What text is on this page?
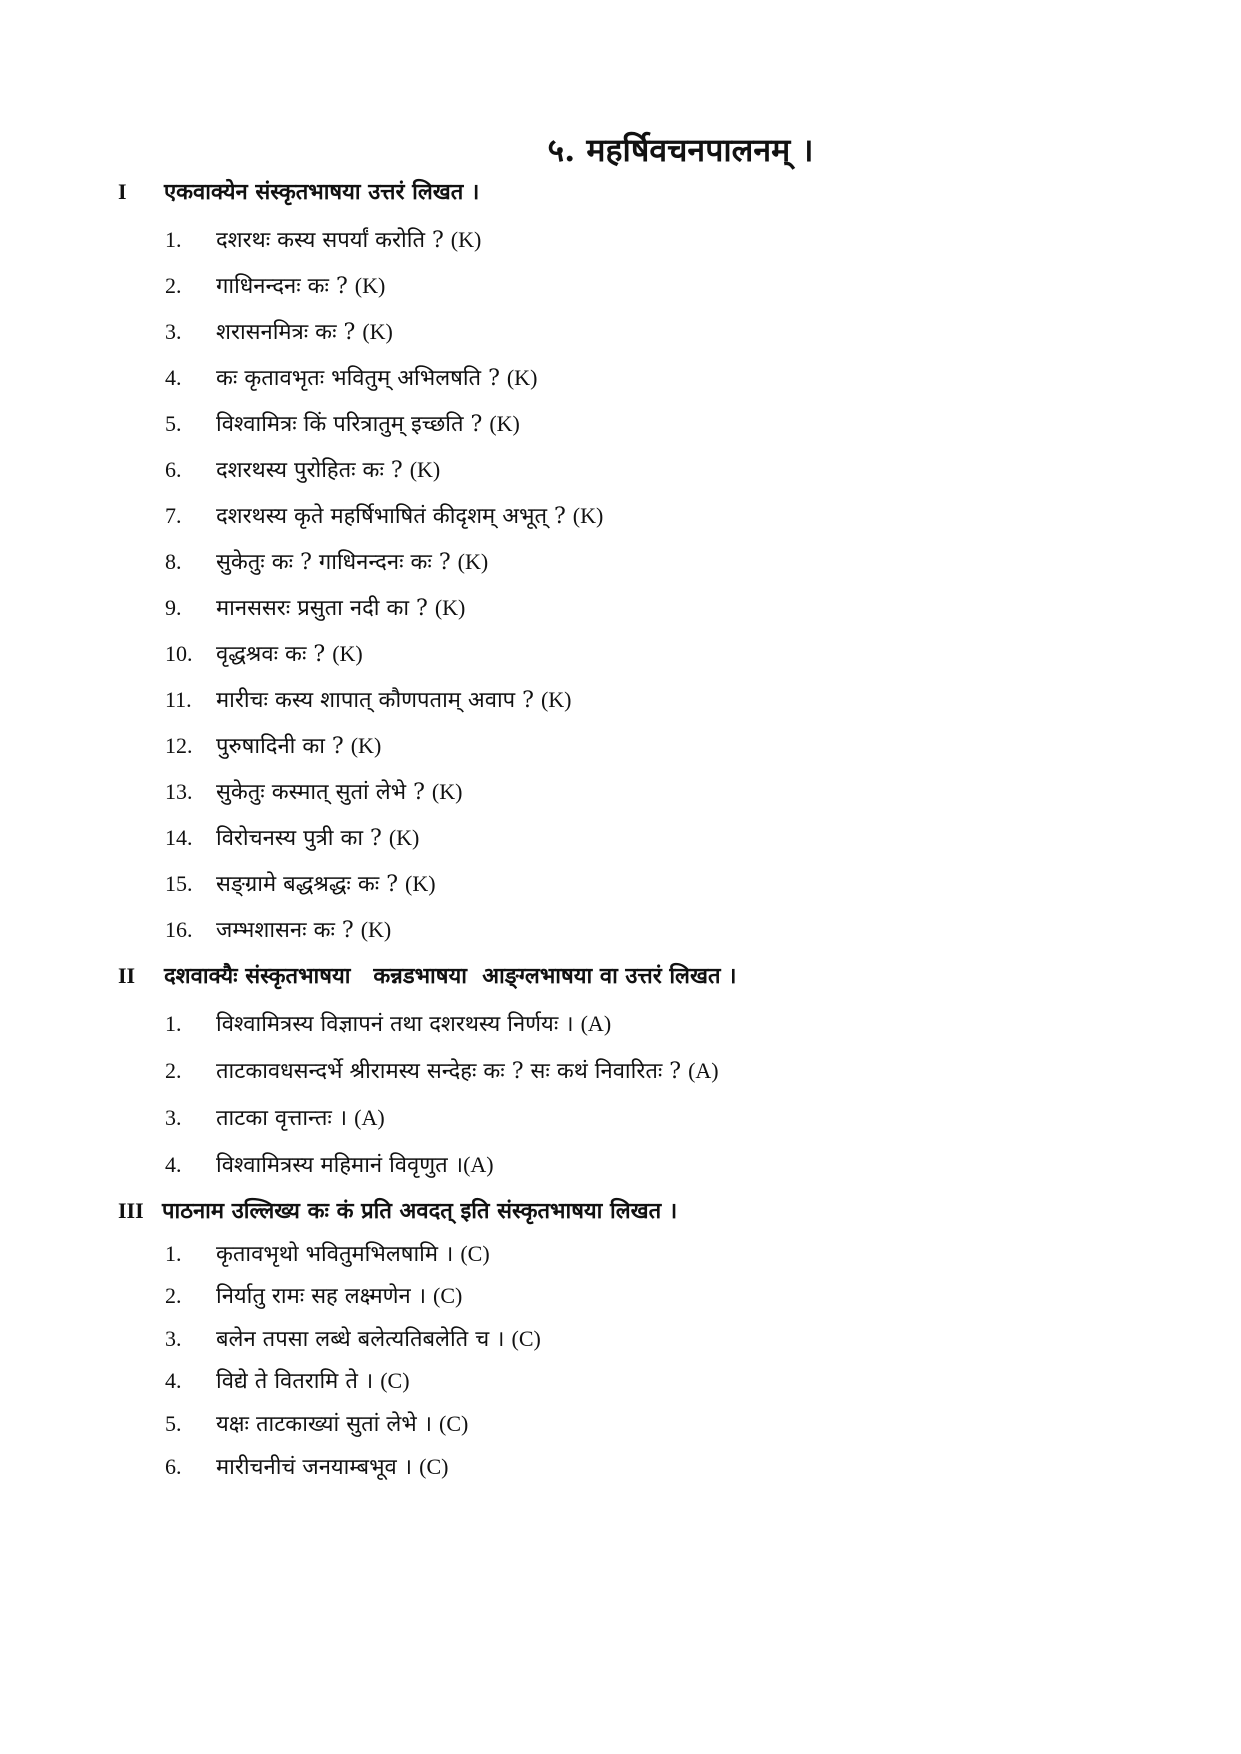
५. महर्षिवचनपालनम् ।
I एकवाक्येन संस्कृतभाषया उत्तरं लिखत ।
1. दशरथः कस्य सपर्यां करोति ? (K)
2. गाधिनन्दनः कः ? (K)
3. शरासनमित्रः कः ? (K)
4. कः कृतावभृतः भवितुम् अभिलषति ? (K)
5. विश्वामित्रः किं परित्रातुम् इच्छति ? (K)
6. दशरथस्य पुरोहितः कः ? (K)
7. दशरथस्य कृते महर्षिभाषितं कीदृशम् अभूत् ? (K)
8. सुकेतुः कः ? गाधिनन्दनः कः ? (K)
9. मानससरः प्रसुता नदी का ? (K)
10. वृद्धश्रवः कः ? (K)
11. मारीचः कस्य शापात् कौणपताम् अवाप ? (K)
12. पुरुषादिनी का ? (K)
13. सुकेतुः कस्मात् सुतां लेभे ? (K)
14. विरोचनस्य पुत्री का ? (K)
15. सङ्ग्रामे बद्धश्रद्धः कः ? (K)
16. जम्भशासनः कः ? (K)
II दशवाक्यैः संस्कृतभाषया   कन्नडभाषया  आङ्ग्लभाषया वा उत्तरं लिखत ।
1. विश्वामित्रस्य विज्ञापनं तथा दशरथस्य निर्णयः । (A)
2. ताटकावधसन्दर्भे श्रीरामस्य सन्देहः कः ? सः कथं निवारितः ? (A)
3. ताटका वृत्तान्तः । (A)
4. विश्वामित्रस्य महिमानं विवृणुत ।(A)
III पाठनाम उल्लिख्य कः कं प्रति अवदत् इति संस्कृतभाषया लिखत ।
1. कृतावभृथो भवितुमभिलषामि । (C)
2. निर्यातु रामः सह लक्ष्मणेन । (C)
3. बलेन तपसा लब्धे बलेत्यतिबलेति च । (C)
4. विद्ये ते वितरामि ते । (C)
5. यक्षः ताटकाख्यां सुतां लेभे । (C)
6. मारीचनीचं जनयाम्बभूव । (C)
